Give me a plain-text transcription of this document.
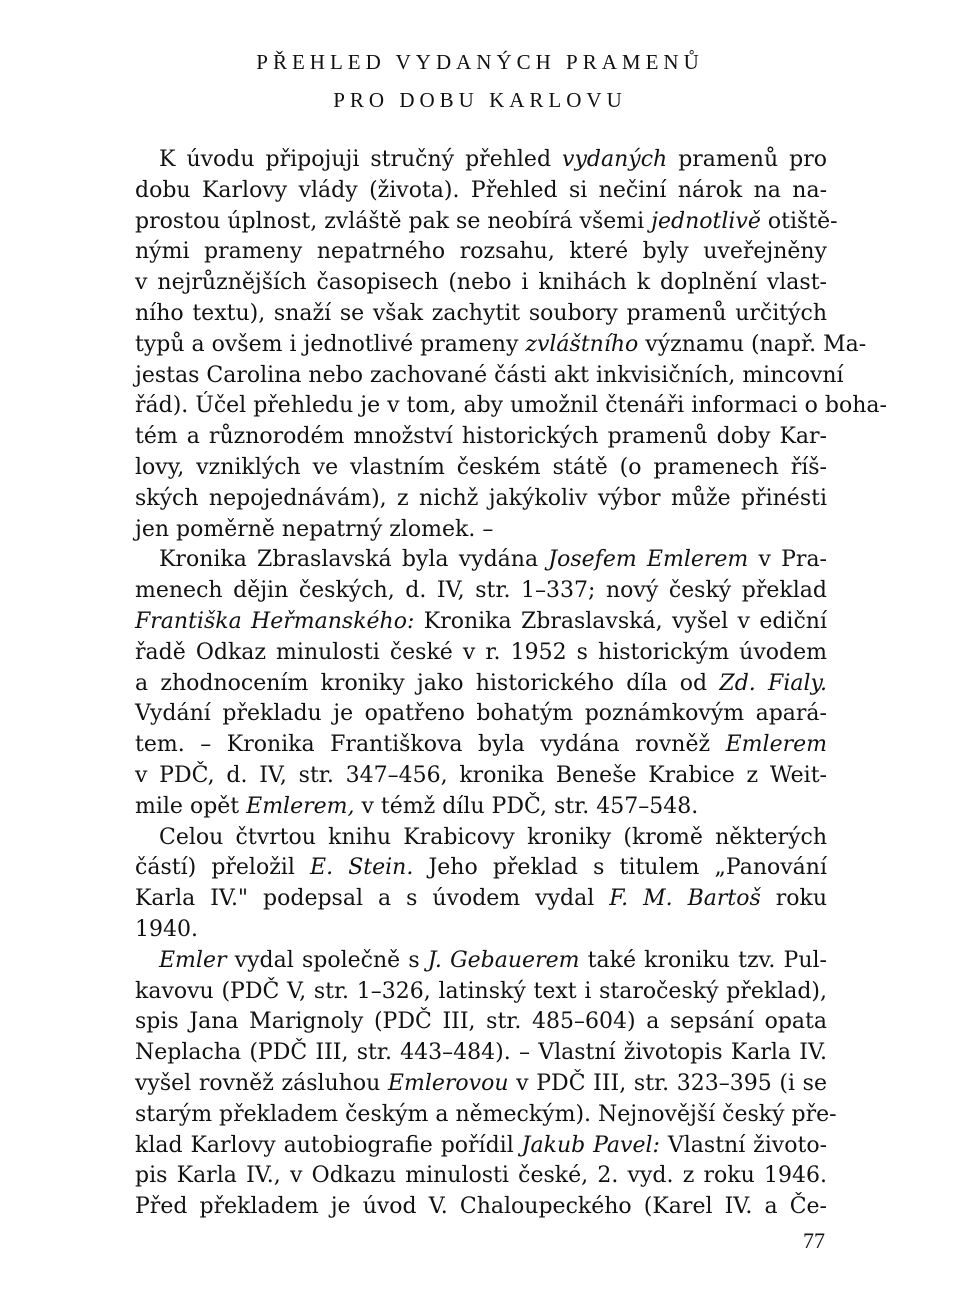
PŘEHLED VYDANÝCH PRAMENŮ
PRO DOBU KARLOVU
K úvodu připojuji stručný přehled vydaných pramenů pro
dobu Karlovy vlády (života). Přehled si nečiní nárok na na-
prostou úplnost, zvláště pak se neobírá všemi jednotlivě otiště-
nými prameny nepatrného rozsahu, které byly uveřejněny
v nejrůznějších časopisech (nebo i knihách k doplnění vlast-
ního textu), snaží se však zachytit soubory pramenů určitých
typů a ovšem i jednotlivé prameny zvláštního významu (např. Ma-
jestas Carolina nebo zachované části akt inkvisičních, mincovní
řád). Účel přehledu je v tom, aby umožnil čtenáři informaci o boha-
tém a různorodém množství historických pramenů doby Kar-
lovy, vzniklých ve vlastním českém státě (o pramenech říš-
ských nepojednávám), z nichž jakýkoliv výbor může přinésti
jen poměrně nepatrný zlomek. –
Kronika Zbraslavská byla vydána Josefem Emlerem v Pra-
menech dějin českých, d. IV, str. 1–337; nový český překlad
Františka Heřmanského: Kronika Zbraslavská, vyšel v ediční
řadě Odkaz minulosti české v r. 1952 s historickým úvodem
a zhodnocením kroniky jako historického díla od Zd. Fialy.
Vydání překladu je opatřeno bohatým poznámkovým apará-
tem. – Kronika Františkova byla vydána rovněž Emlerem
v PDČ, d. IV, str. 347–456, kronika Beneše Krabice z Weit-
mile opět Emlerem, v témž dílu PDČ, str. 457–548.
Celou čtvrtou knihu Krabicovy kroniky (kromě některých
částí) přeložil E. Stein. Jeho překlad s titulem „Panování
Karla IV." podepsal a s úvodem vydal F. M. Bartoš roku
1940.
Emler vydal společně s J. Gebauerem také kroniku tzv. Pul-
kavovu (PDČ V, str. 1–326, latinský text i staročeský překlad),
spis Jana Marignoly (PDČ III, str. 485–604) a sepsání opata
Neplacha (PDČ III, str. 443–484). – Vlastní životopis Karla IV.
vyšel rovněž zásluhou Emlerovou v PDČ III, str. 323–395 (i se
starým překladem českým a německým). Nejnovější český pře-
klad Karlovy autobiografie pořídil Jakub Pavel: Vlastní životo-
pis Karla IV., v Odkazu minulosti české, 2. vyd. z roku 1946.
Před překladem je úvod V. Chaloupeckého (Karel IV. a Če-
77
